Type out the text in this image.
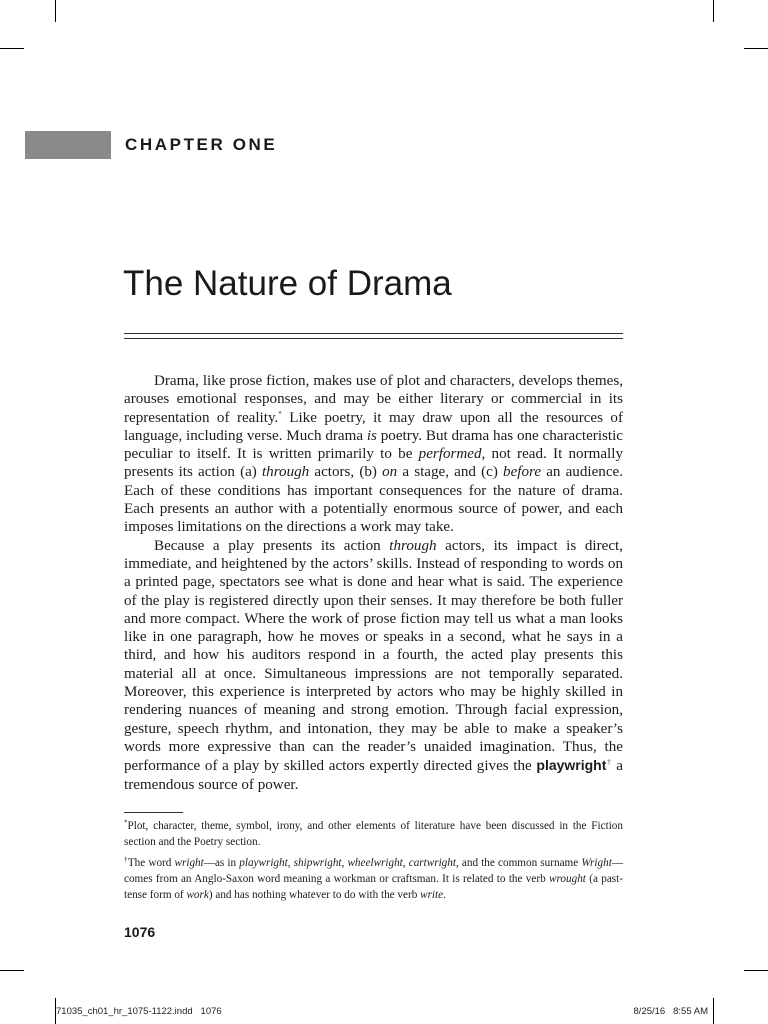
CHAPTER ONE
The Nature of Drama

Drama, like prose fiction, makes use of plot and characters, develops themes, arouses emotional responses, and may be either literary or commercial in its representation of reality.* Like poetry, it may draw upon all the resources of language, including verse. Much drama is poetry. But drama has one characteristic peculiar to itself. It is written primarily to be performed, not read. It normally presents its action (a) through actors, (b) on a stage, and (c) before an audience. Each of these conditions has important consequences for the nature of drama. Each presents an author with a potentially enormous source of power, and each imposes limitations on the directions a work may take.

Because a play presents its action through actors, its impact is direct, immediate, and heightened by the actors’ skills. Instead of responding to words on a printed page, spectators see what is done and hear what is said. The experience of the play is registered directly upon their senses. It may therefore be both fuller and more compact. Where the work of prose fiction may tell us what a man looks like in one paragraph, how he moves or speaks in a second, what he says in a third, and how his auditors respond in a fourth, the acted play presents this material all at once. Simultaneous impressions are not temporally separated. Moreover, this experience is interpreted by actors who may be highly skilled in rendering nuances of meaning and strong emotion. Through facial expression, gesture, speech rhythm, and intonation, they may be able to make a speaker’s words more expressive than can the reader’s unaided imagination. Thus, the performance of a play by skilled actors expertly directed gives the playwright† a tremendous source of power.

*Plot, character, theme, symbol, irony, and other elements of literature have been discussed in the Fiction section and the Poetry section.

†The word wright—as in playwright, shipwright, wheelwright, cartwright, and the common surname Wright—comes from an Anglo-Saxon word meaning a workman or craftsman. It is related to the verb wrought (a past-tense form of work) and has nothing whatever to do with the verb write.

1076
71035_ch01_hr_1075-1122.indd   1076	8/25/16   8:55 AM
